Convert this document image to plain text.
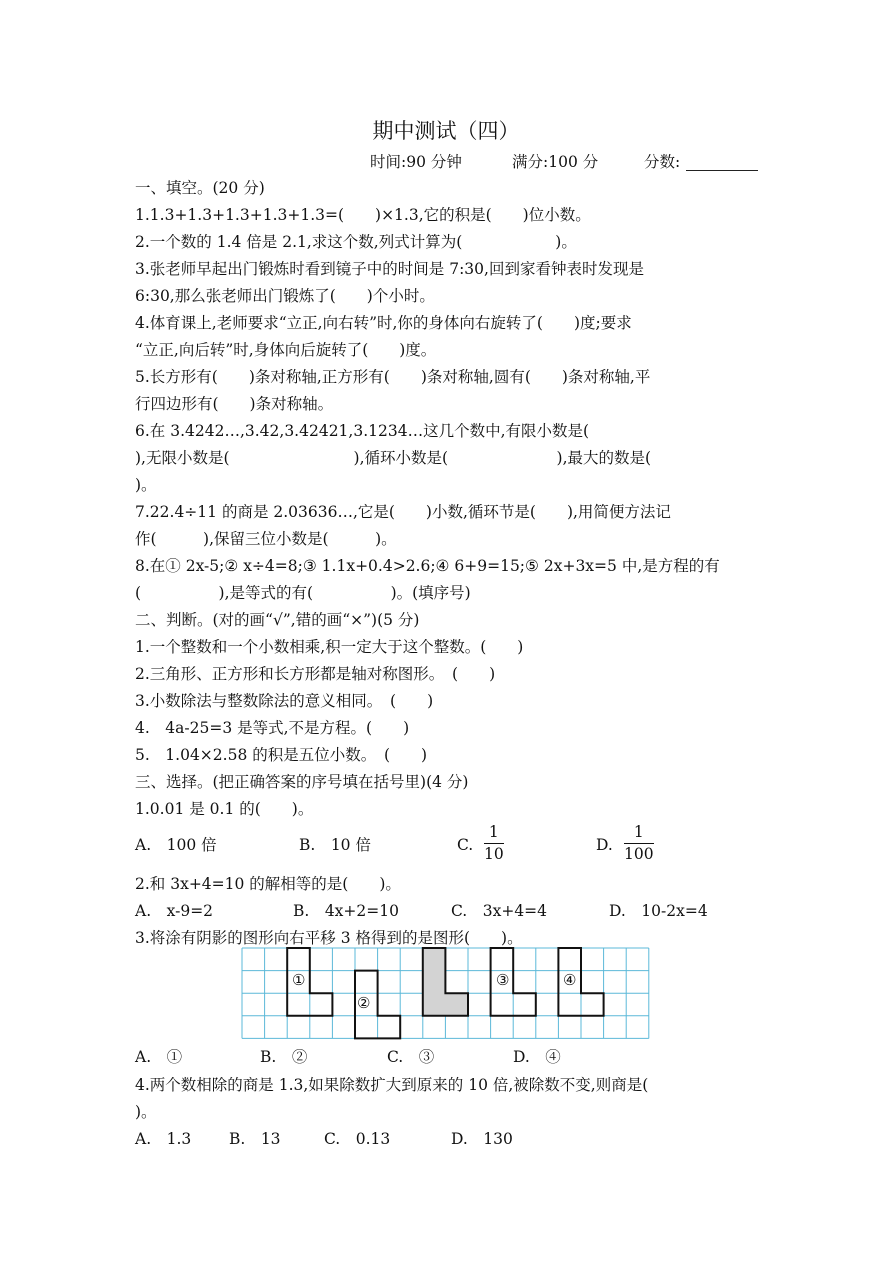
期中测试（四）
时间:90 分钟	满分:100 分	分数:
一、填空。(20 分)
1.1.3+1.3+1.3+1.3+1.3=(　　)×1.3,它的积是(　　)位小数。
2.一个数的 1.4 倍是 2.1,求这个数,列式计算为(　　　　　　)。
3.张老师早起出门锻炼时看到镜子中的时间是 7:30,回到家看钟表时发现是
6:30,那么张老师出门锻炼了(　　)个小时。
4.体育课上,老师要求“立正,向右转”时,你的身体向右旋转了(　　)度;要求
“立正,向后转”时,身体向后旋转了(　　)度。
5.长方形有(　　)条对称轴,正方形有(　　)条对称轴,圆有(　　)条对称轴,平
行四边形有(　　)条对称轴。
6.在 3.4242…,3.42,3.42421,3.1234…这几个数中,有限小数是(
),无限小数是(　　　　　　　　),循环小数是(　　　　　　　),最大的数是(
)。
7.22.4÷11 的商是 2.03636…,它是(　　)小数,循环节是(　　),用简便方法记
作(　　　),保留三位小数是(　　　)。
8.在① 2x-5;② x÷4=8;③ 1.1x+0.4>2.6;④ 6+9=15;⑤ 2x+3x=5 中,是方程的有
(　　　　　),是等式的有(　　　　　)。(填序号)
二、判断。(对的画“√”,错的画“×”)(5 分)
1.一个整数和一个小数相乘,积一定大于这个整数。(　　)
2.三角形、正方形和长方形都是轴对称图形。　(　　)
3.小数除法与整数除法的意义相同。　(　　)
4.　4a-25=3 是等式,不是方程。(　　)
5.　1.04×2.58 的积是五位小数。　(　　)
三、选择。(把正确答案的序号填在括号里)(4 分)
1.0.01 是 0.1 的(　　)。
A.　100 倍	B.　10 倍	C.
1
10	D.
1
100
2.和 3x+4=10 的解相等的是(　　)。
A.　x-9=2	B.　4x+2=10	C.　3x+4=4	D.　10-2x=4
3.将涂有阴影的图形向右平移 3 格得到的是图形(　　)。
①
②
③	④
A.　①	B.　②	C.　③	D.　④
4.两个数相除的商是 1.3,如果除数扩大到原来的 10 倍,被除数不变,则商是(
)。
A.　1.3 B.　13	C.　0.13	D.　130
